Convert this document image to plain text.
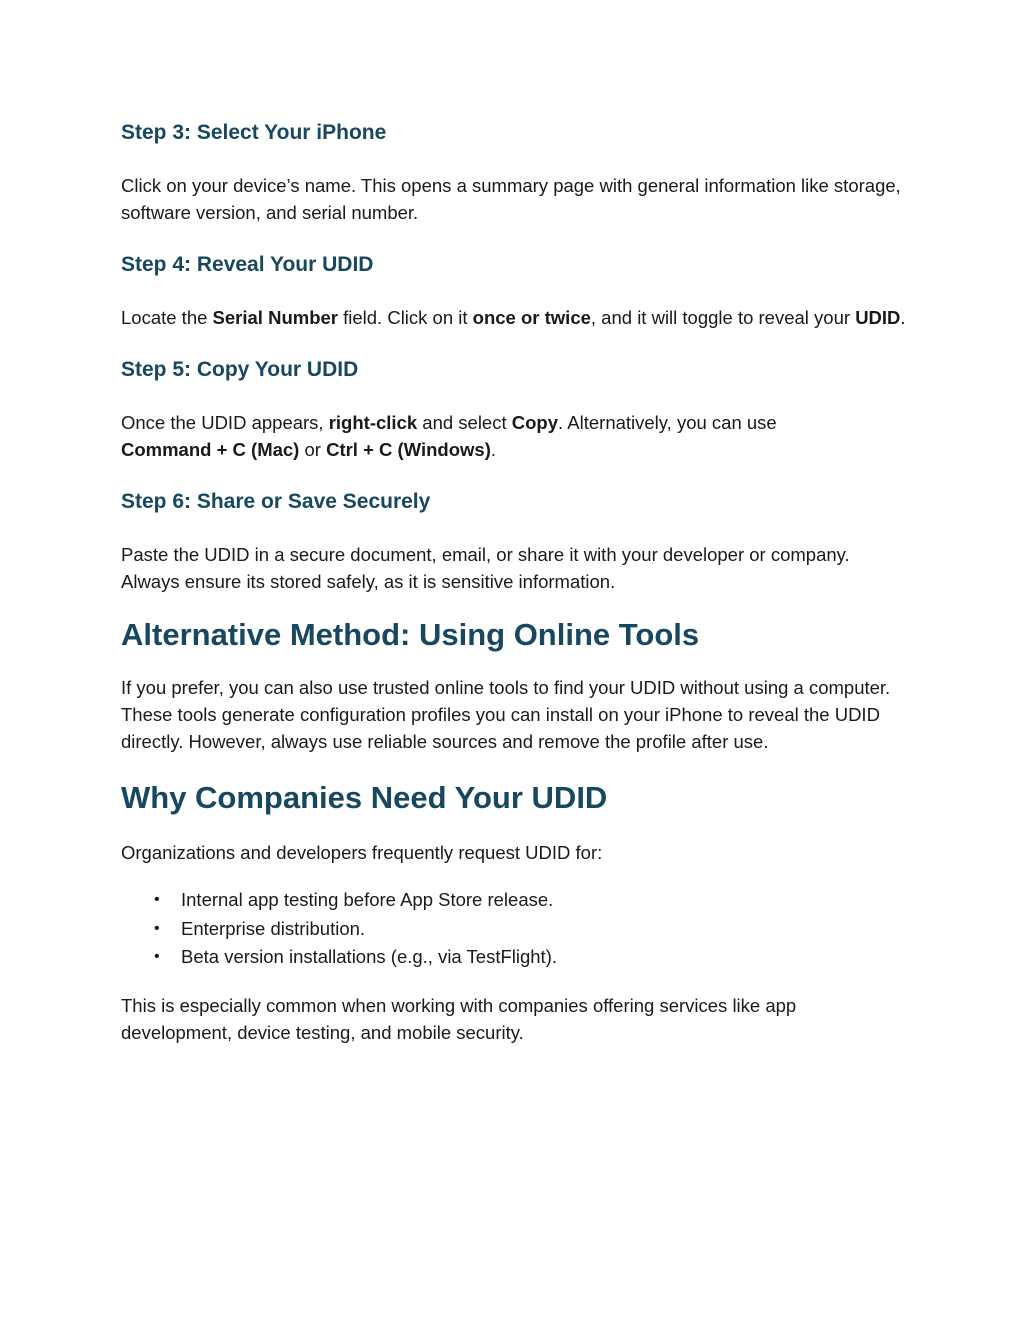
Step 3: Select Your iPhone

Click on your device’s name. This opens a summary page with general information like storage, software version, and serial number.

Step 4: Reveal Your UDID

Locate the Serial Number field. Click on it once or twice, and it will toggle to reveal your UDID.

Step 5: Copy Your UDID

Once the UDID appears, right-click and select Copy. Alternatively, you can use
Command + C (Mac) or Ctrl + C (Windows).

Step 6: Share or Save Securely

Paste the UDID in a secure document, email, or share it with your developer or company. Always ensure its stored safely, as it is sensitive information.

Alternative Method: Using Online Tools

If you prefer, you can also use trusted online tools to find your UDID without using a computer. These tools generate configuration profiles you can install on your iPhone to reveal the UDID directly. However, always use reliable sources and remove the profile after use.

Why Companies Need Your UDID

Organizations and developers frequently request UDID for:

• Internal app testing before App Store release.
• Enterprise distribution.
• Beta version installations (e.g., via TestFlight).

This is especially common when working with companies offering services like app development, device testing, and mobile security.
